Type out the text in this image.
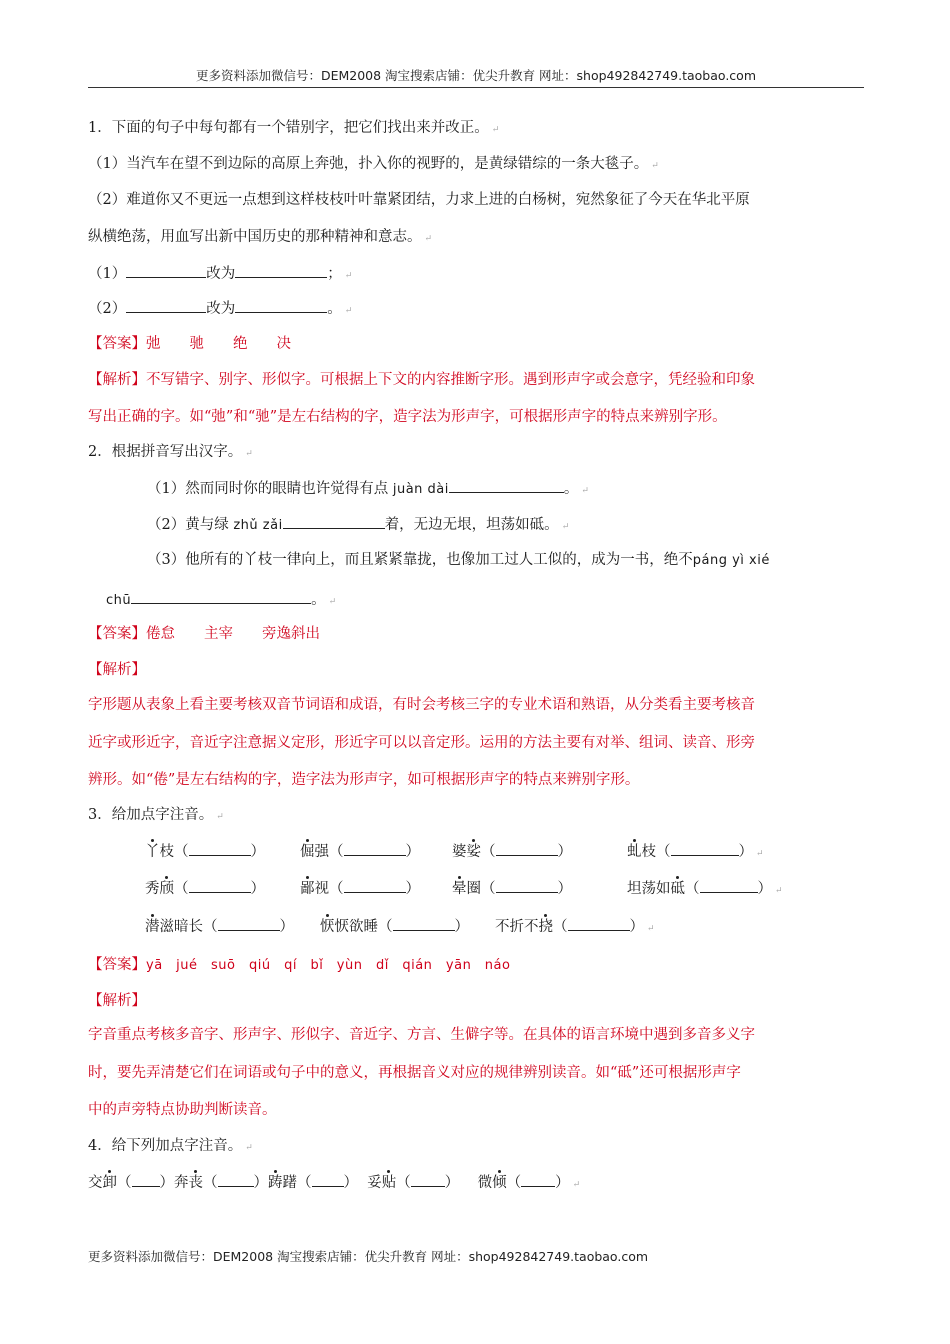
更多资料添加微信号：DEM2008 淘宝搜索店铺：优尖升教育 网址：shop492842749.taobao.com
1．下面的句子中每句都有一个错别字，把它们找出来并改正。 ↵
（1）当汽车在望不到边际的高原上奔弛，扑入你的视野的，是黄绿错综的一条大毯子。 ↵
（2）难道你又不更远一点想到这样枝枝叶叶靠紧团结，力求上进的白杨树，宛然象征了今天在华北平原
纵横绝荡，用血写出新中国历史的那种精神和意志。 ↵
（1）	改为	； ↵
（2）	改为	。 ↵
【答案】弛　　驰　　绝　　决
【解析】不写错字、别字、形似字。可根据上下文的内容推断字形。遇到形声字或会意字，凭经验和印象
写出正确的字。如“弛”和“驰”是左右结构的字，造字法为形声字，可根据形声字的特点来辨别字形。
2．根据拼音写出汉字。 ↵
（1）然而同时你的眼睛也许觉得有点 juàn dài	。 ↵
（2）黄与绿 zhǔ zǎi	着，无边无垠，坦荡如砥。 ↵
（3）他所有的丫枝一律向上，而且紧紧靠拢，也像加工过人工似的，成为一书，绝不páng yì xié
chū	。 ↵
【答案】倦怠　　主宰　　旁逸斜出
【解析】
字形题从表象上看主要考核双音节词语和成语，有时会考核三字的专业术语和熟语，从分类看主要考核音
近字或形近字，音近字注意据义定形，形近字可以以音定形。运用的方法主要有对举、组词、读音、形旁
辨形。如“倦”是左右结构的字，造字法为形声字，如可根据形声字的特点来辨别字形。
3．给加点字注音。 ↵
丫枝（	） 倔强（	） 婆娑（	）	虬枝（	） ↵
秀颀（	） 鄙视（	） 晕圈（	）	坦荡如砥（	） ↵
潜滋暗长（	） 恹恹欲睡（	） 不折不挠（	） ↵
【答案】yā　jué　suō　qiú　qí　bǐ　yùn　dǐ　qián　yān　náo
【解析】
字音重点考核多音字、形声字、形似字、音近字、方言、生僻字等。在具体的语言环境中遇到多音多义字
时，要先弄清楚它们在词语或句子中的意义，再根据音义对应的规律辨别读音。如“砥”还可根据形声字
中的声旁特点协助判断读音。
4．给下列加点字注音。 ↵
交卸（ ）奔丧（ ）踌躇（ ） 妥贴（ ） 微倾（ ） ↵
更多资料添加微信号：DEM2008 淘宝搜索店铺：优尖升教育 网址：shop492842749.taobao.com
